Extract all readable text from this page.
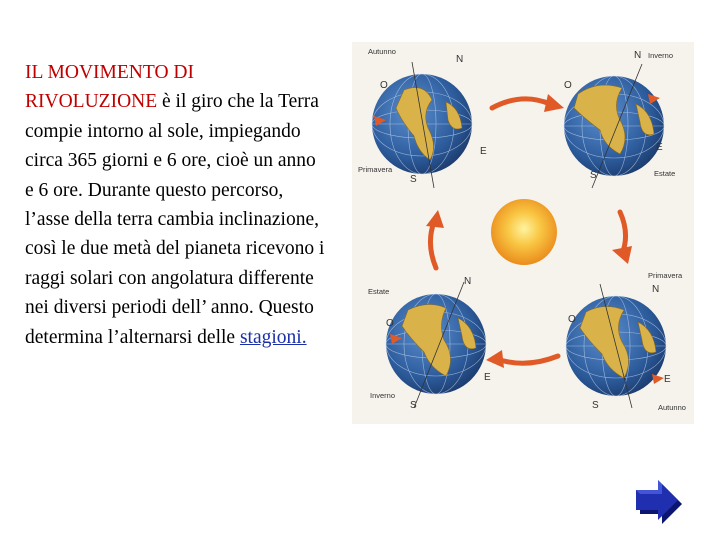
IL MOVIMENTO DI RIVOLUZIONE è il giro che la Terra compie intorno al sole, impiegando circa 365 giorni e 6 ore, cioè un anno e 6 ore. Durante questo percorso, l’asse della terra cambia inclinazione, così le due metà del pianeta ricevono i raggi solari con angolatura differente nei diversi periodi dell’ anno. Questo determina l’alternarsi delle stagioni.
Autunno
Primavera
N
S
O
E
Inverno
Estate
N
S
O
E
Estate
Inverno
N
S
O
E
Primavera
Autunno
N
S
O
E
